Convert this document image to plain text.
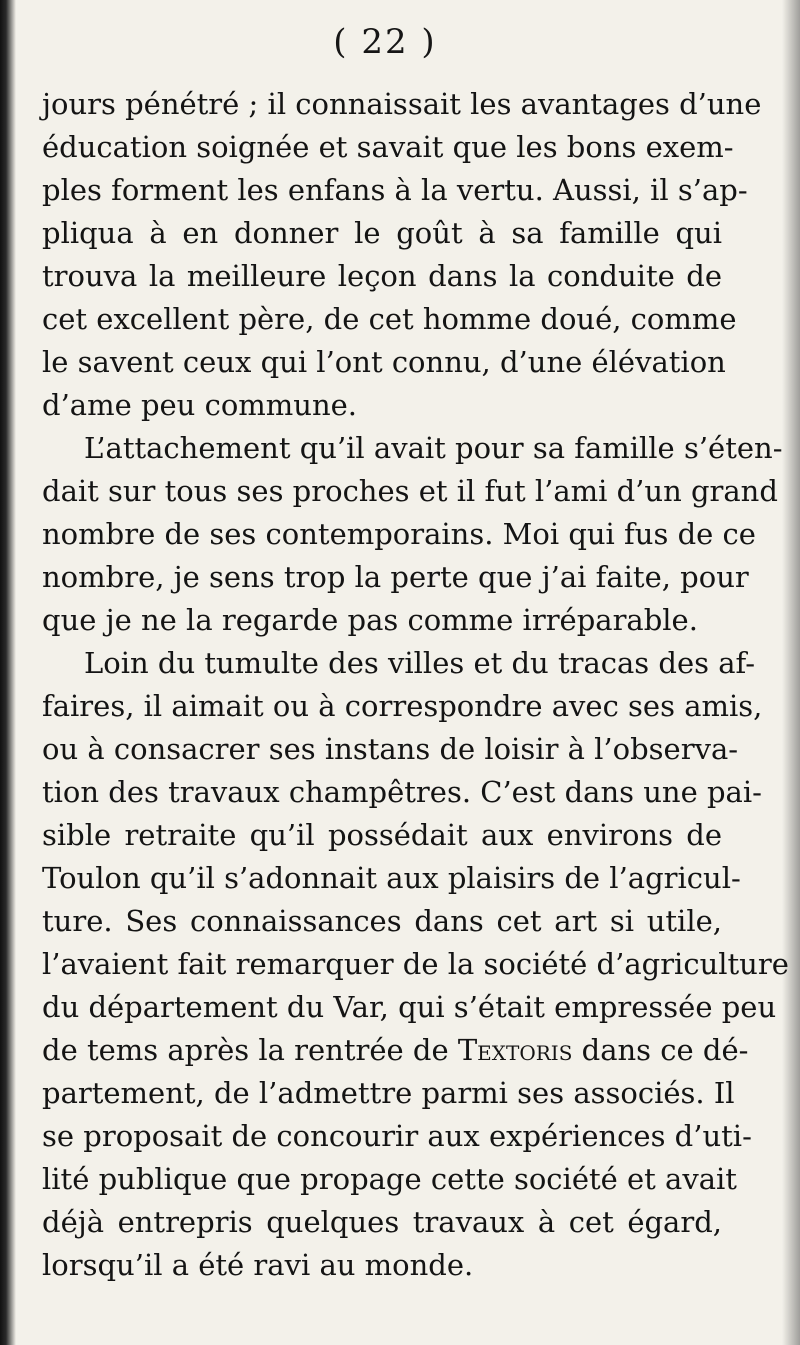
( 22 )
jours pénétré ; il connaissait les avantages d’une
éducation soignée et savait que les bons exem-
ples forment les enfans à la vertu. Aussi, il s’ap-
pliqua à en donner le goût à sa famille qui
trouva la meilleure leçon dans la conduite de
cet excellent père, de cet homme doué, comme
le savent ceux qui l’ont connu, d’une élévation
d’ame peu commune.
L’attachement qu’il avait pour sa famille s’éten-
dait sur tous ses proches et il fut l’ami d’un grand
nombre de ses contemporains. Moi qui fus de ce
nombre, je sens trop la perte que j’ai faite, pour
que je ne la regarde pas comme irréparable.
Loin du tumulte des villes et du tracas des af-
faires, il aimait ou à correspondre avec ses amis,
ou à consacrer ses instans de loisir à l’observa-
tion des travaux champêtres. C’est dans une pai-
sible retraite qu’il possédait aux environs de
Toulon qu’il s’adonnait aux plaisirs de l’agricul-
ture. Ses connaissances dans cet art si utile,
l’avaient fait remarquer de la société d’agriculture
du département du Var, qui s’était empressée peu
de tems après la rentrée de Textoris dans ce dé-
partement, de l’admettre parmi ses associés. Il
se proposait de concourir aux expériences d’uti-
lité publique que propage cette société et avait
déjà entrepris quelques travaux à cet égard,
lorsqu’il a été ravi au monde.
